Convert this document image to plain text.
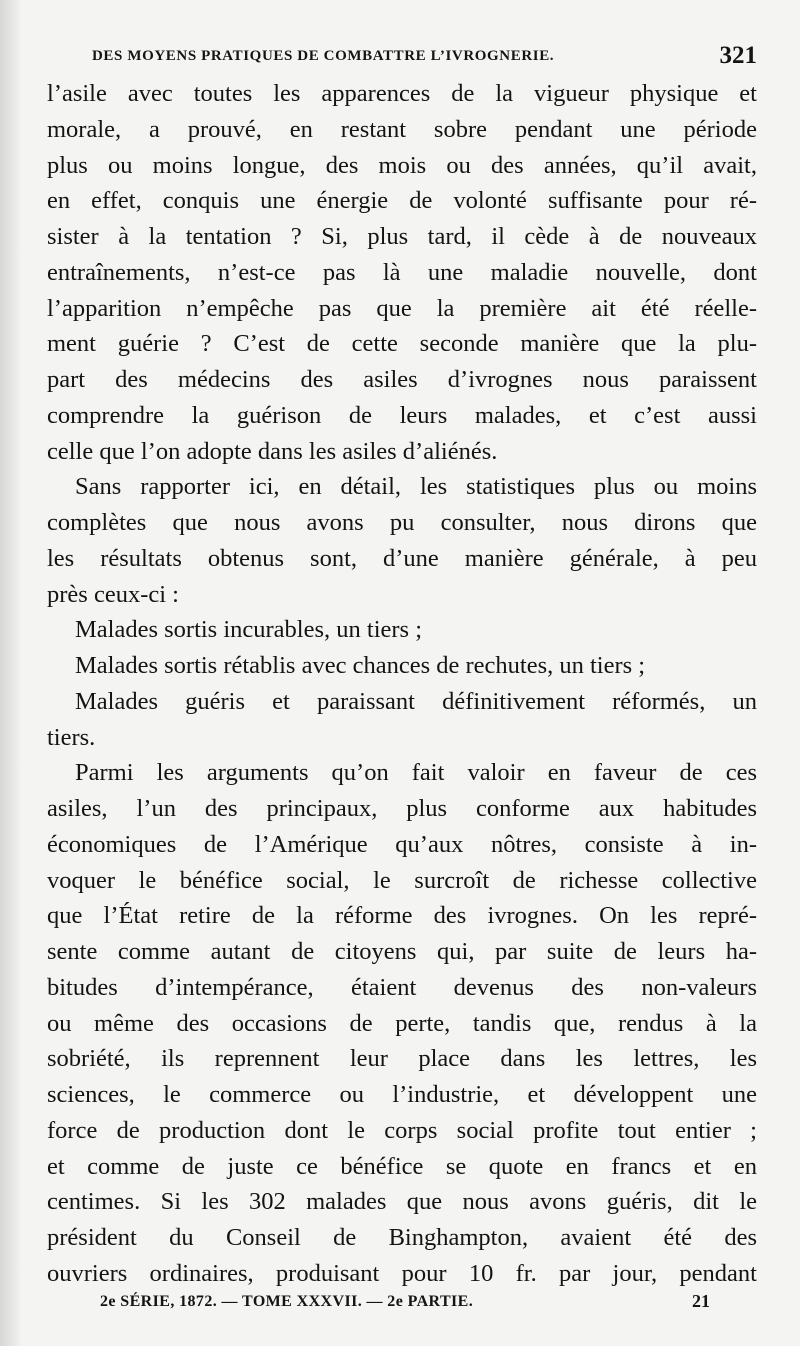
DES MOYENS PRATIQUES DE COMBATTRE L’IVROGNERIE.	321
l’asile avec toutes les apparences de la vigueur physique et
morale, a prouvé, en restant sobre pendant une période
plus ou moins longue, des mois ou des années, qu’il avait,
en effet, conquis une énergie de volonté suffisante pour ré-
sister à la tentation ? Si, plus tard, il cède à de nouveaux
entraînements, n’est-ce pas là une maladie nouvelle, dont
l’apparition n’empêche pas que la première ait été réelle-
ment guérie ? C’est de cette seconde manière que la plu-
part des médecins des asiles d’ivrognes nous paraissent
comprendre la guérison de leurs malades, et c’est aussi
celle que l’on adopte dans les asiles d’aliénés.
Sans rapporter ici, en détail, les statistiques plus ou moins
complètes que nous avons pu consulter, nous dirons que
les résultats obtenus sont, d’une manière générale, à peu
près ceux-ci :
Malades sortis incurables, un tiers ;
Malades sortis rétablis avec chances de rechutes, un tiers ;
Malades guéris et paraissant définitivement réformés, un
tiers.
Parmi les arguments qu’on fait valoir en faveur de ces
asiles, l’un des principaux, plus conforme aux habitudes
économiques de l’Amérique qu’aux nôtres, consiste à in-
voquer le bénéfice social, le surcroît de richesse collective
que l’État retire de la réforme des ivrognes. On les repré-
sente comme autant de citoyens qui, par suite de leurs ha-
bitudes d’intempérance, étaient devenus des non-valeurs
ou même des occasions de perte, tandis que, rendus à la
sobriété, ils reprennent leur place dans les lettres, les
sciences, le commerce ou l’industrie, et développent une
force de production dont le corps social profite tout entier ;
et comme de juste ce bénéfice se quote en francs et en
centimes. Si les 302 malades que nous avons guéris, dit le
président du Conseil de Binghampton, avaient été des
ouvriers ordinaires, produisant pour 10 fr. par jour, pendant
2e SÉRIE, 1872. — TOME XXXVII. — 2e PARTIE.	21
